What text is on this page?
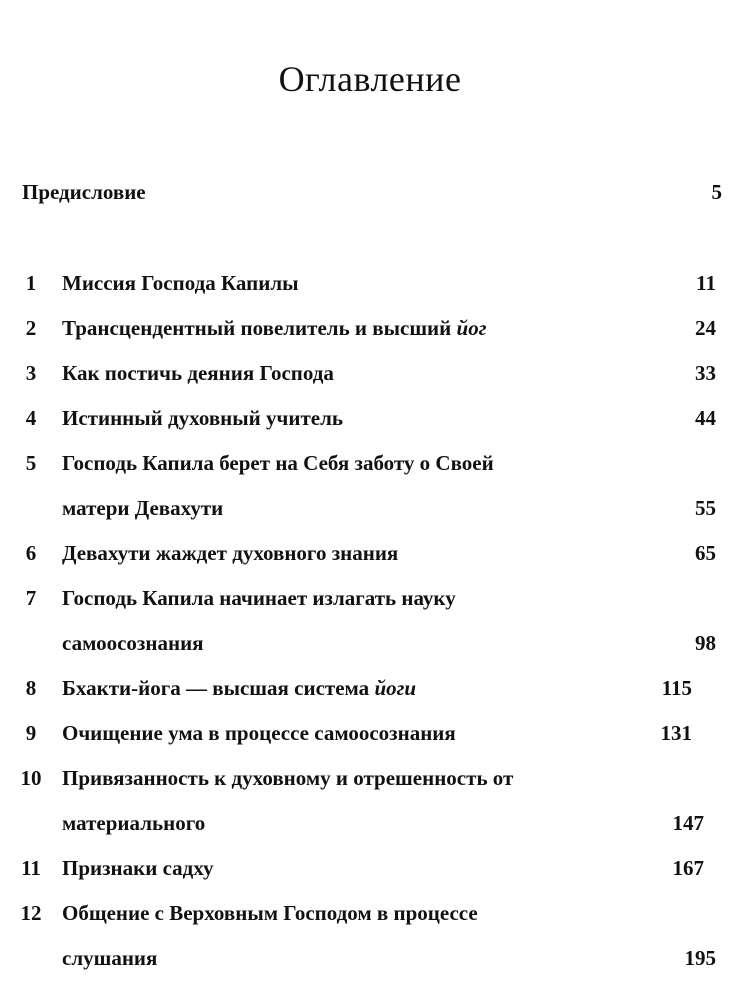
Оглавление
Предисловие	5
1	Миссия Господа Капилы	11
2	Трансцендентный повелитель и высший йог	24
3	Как постичь деяния Господа	33
4	Истинный духовный учитель	44
5	Господь Капила берет на Себя заботу о Своей
матери Девахути	55
6	Девахути жаждет духовного знания	65
7	Господь Капила начинает излагать науку
самоосознания	98
8	Бхакти-йога — высшая система йоги	115
9	Очищение ума в процессе самоосознания	131
10 Привязанность к духовному и отрешенность от
материального	147
11 Признаки садху	167
12 Общение с Верховным Господом в процессе
слушания	195
